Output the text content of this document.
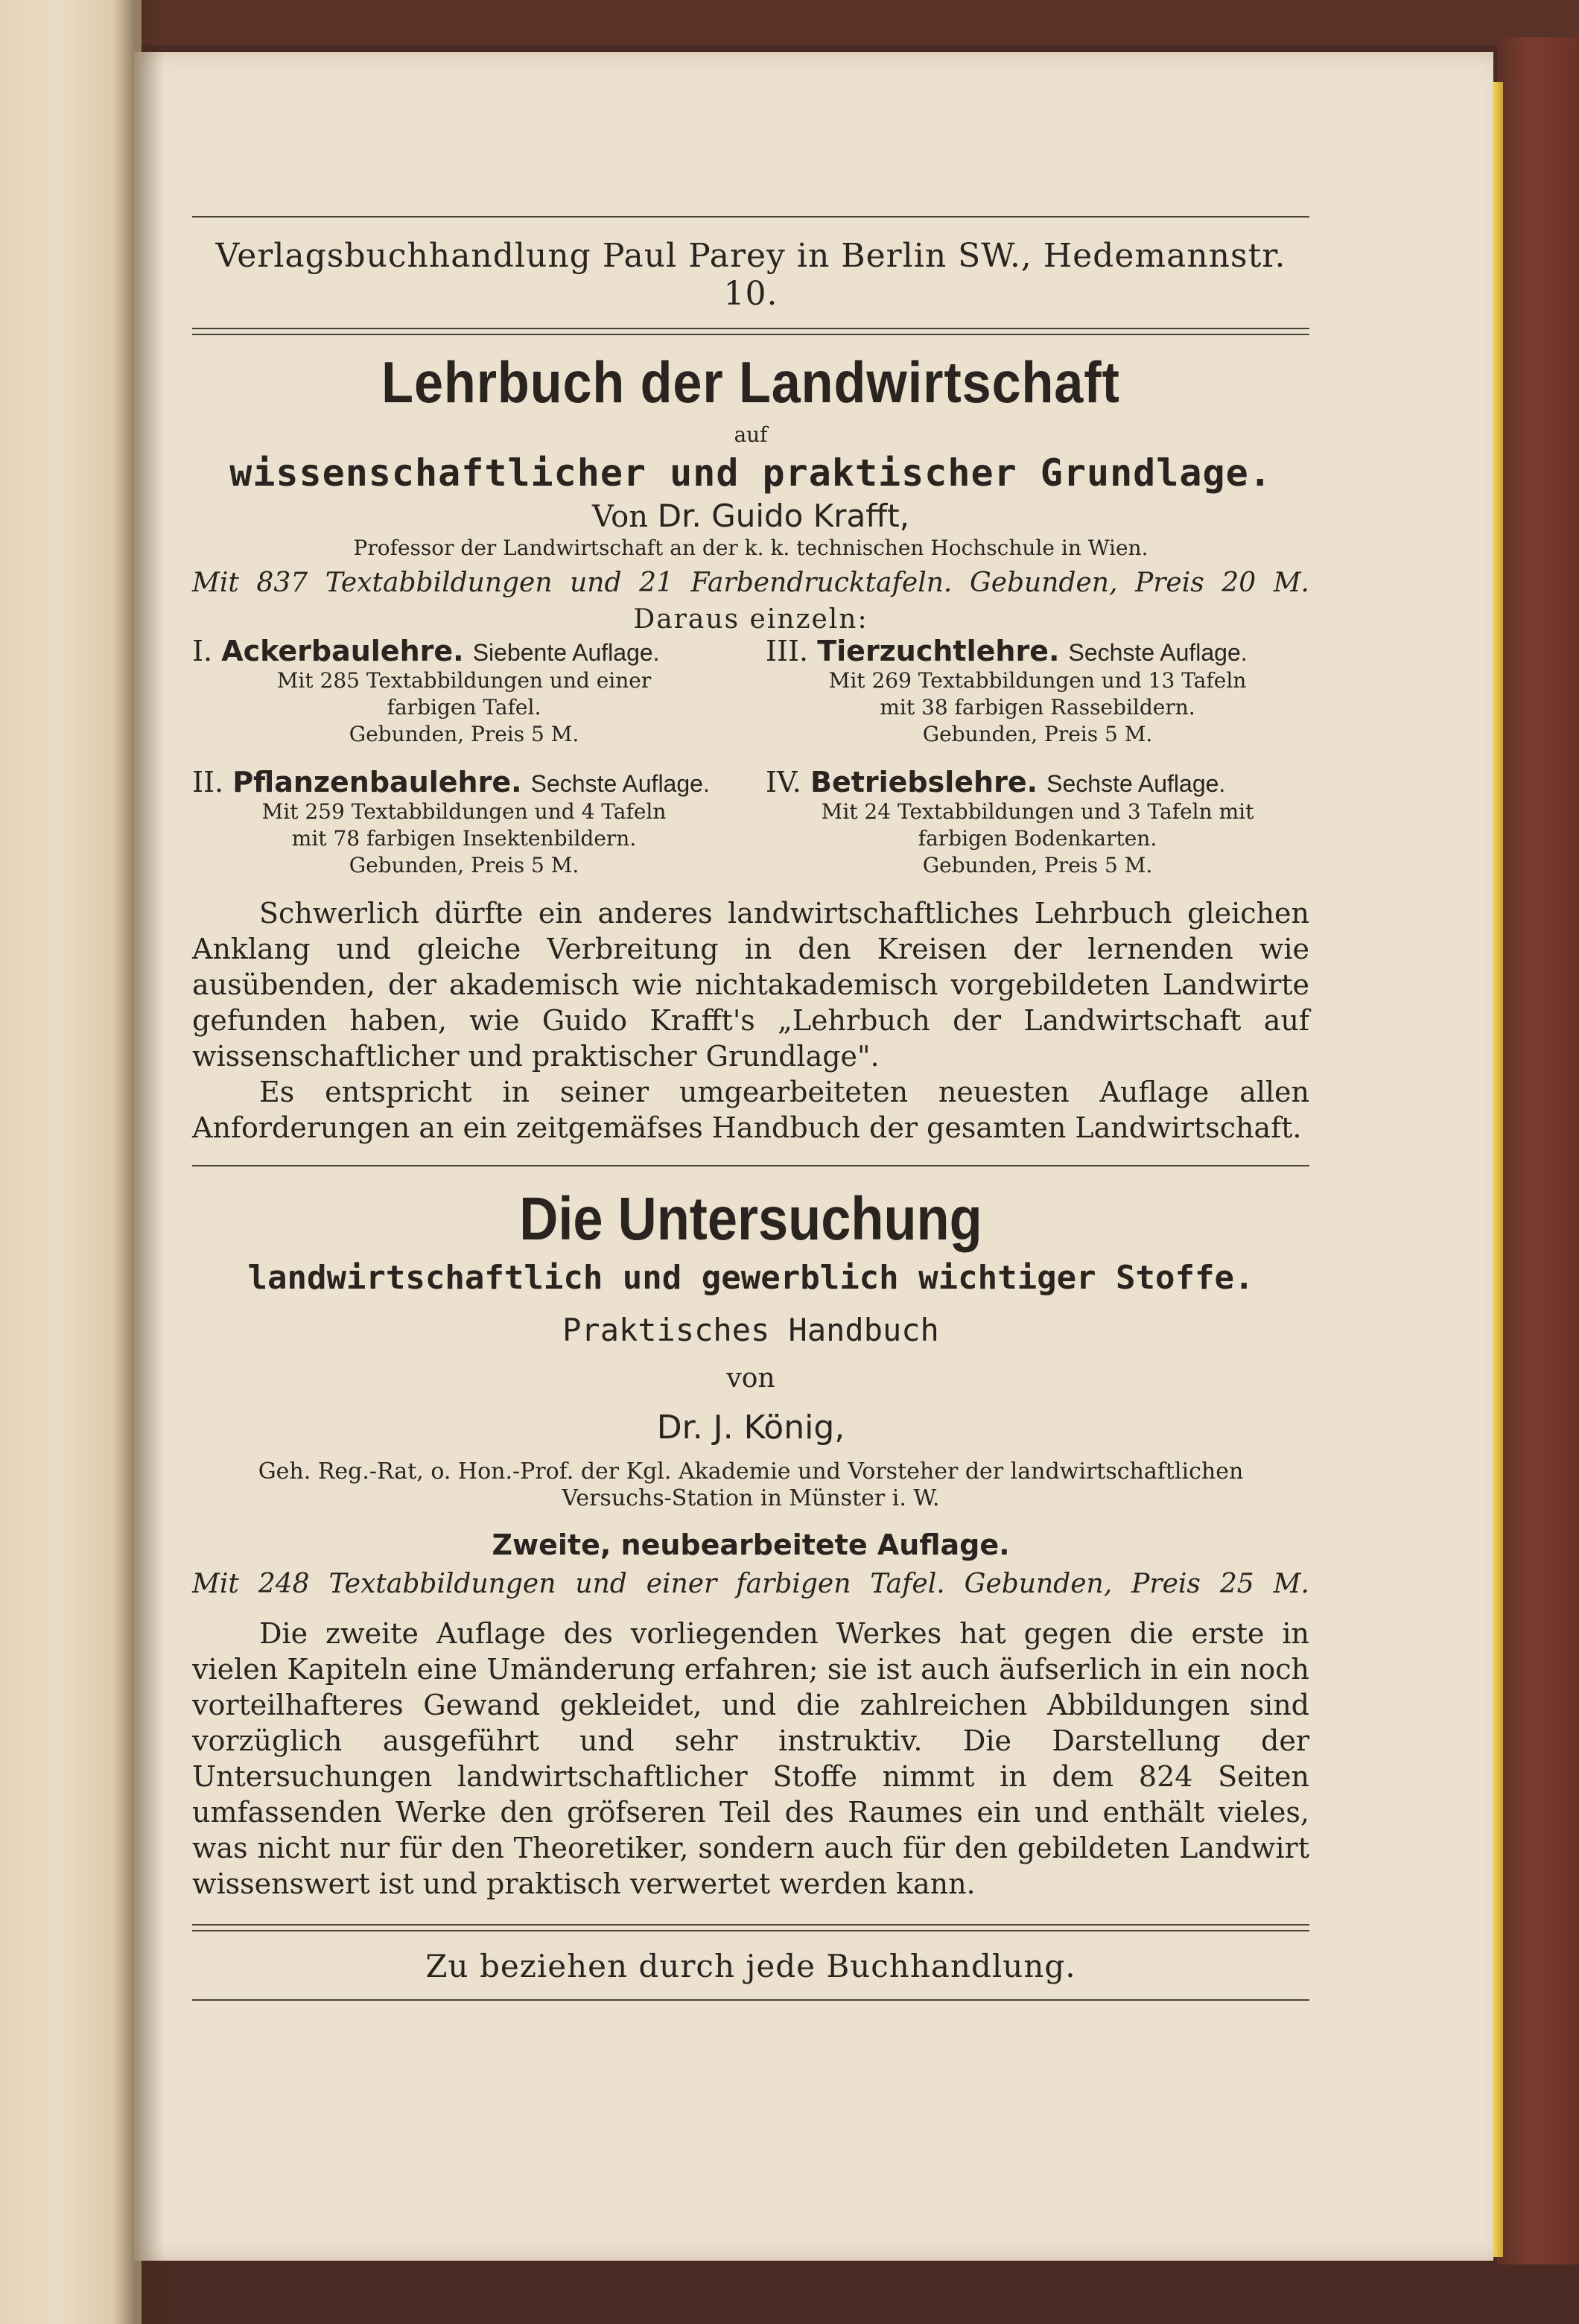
Verlagsbuchhandlung Paul Parey in Berlin SW., Hedemannstr. 10.
Lehrbuch der Landwirtschaft
auf
wissenschaftlicher und praktischer Grundlage.
Von Dr. Guido Krafft,
Professor der Landwirtschaft an der k. k. technischen Hochschule in Wien.
Mit 837 Textabbildungen und 21 Farbendrucktafeln. Gebunden, Preis 20 M.
Daraus einzeln:
I. Ackerbaulehre. Siebente Auflage.
Mit 285 Textabbildungen und einer
farbigen Tafel.
Gebunden, Preis 5 M.
III. Tierzuchtlehre. Sechste Auflage.
Mit 269 Textabbildungen und 13 Tafeln
mit 38 farbigen Rassebildern.
Gebunden, Preis 5 M.
II. Pflanzenbaulehre. Sechste Auflage.
Mit 259 Textabbildungen und 4 Tafeln
mit 78 farbigen Insektenbildern.
Gebunden, Preis 5 M.
IV. Betriebslehre. Sechste Auflage.
Mit 24 Textabbildungen und 3 Tafeln mit
farbigen Bodenkarten.
Gebunden, Preis 5 M.

Schwerlich dürfte ein anderes landwirtschaftliches Lehrbuch gleichen Anklang und gleiche Verbreitung in den Kreisen der lernenden wie ausübenden, der akademisch wie nichtakademisch vorgebildeten Landwirte gefunden haben, wie Guido Krafft's „Lehrbuch der Landwirtschaft auf wissenschaftlicher und praktischer Grundlage".

Es entspricht in seiner umgearbeiteten neuesten Auflage allen Anforderungen an ein zeitgemäfses Handbuch der gesamten Landwirtschaft.

Die Untersuchung
landwirtschaftlich und gewerblich wichtiger Stoffe.
Praktisches Handbuch
von
Dr. J. König,
Geh. Reg.-Rat, o. Hon.-Prof. der Kgl. Akademie und Vorsteher der landwirtschaftlichen
Versuchs-Station in Münster i. W.
Zweite, neubearbeitete Auflage.
Mit 248 Textabbildungen und einer farbigen Tafel. Gebunden, Preis 25 M.

Die zweite Auflage des vorliegenden Werkes hat gegen die erste in vielen Kapiteln eine Umänderung erfahren; sie ist auch äufserlich in ein noch vorteilhafteres Gewand gekleidet, und die zahlreichen Abbildungen sind vorzüglich ausgeführt und sehr instruktiv. Die Darstellung der Untersuchungen landwirtschaftlicher Stoffe nimmt in dem 824 Seiten umfassenden Werke den gröfseren Teil des Raumes ein und enthält vieles, was nicht nur für den Theoretiker, sondern auch für den gebildeten Landwirt wissenswert ist und praktisch verwertet werden kann.

Zu beziehen durch jede Buchhandlung.
